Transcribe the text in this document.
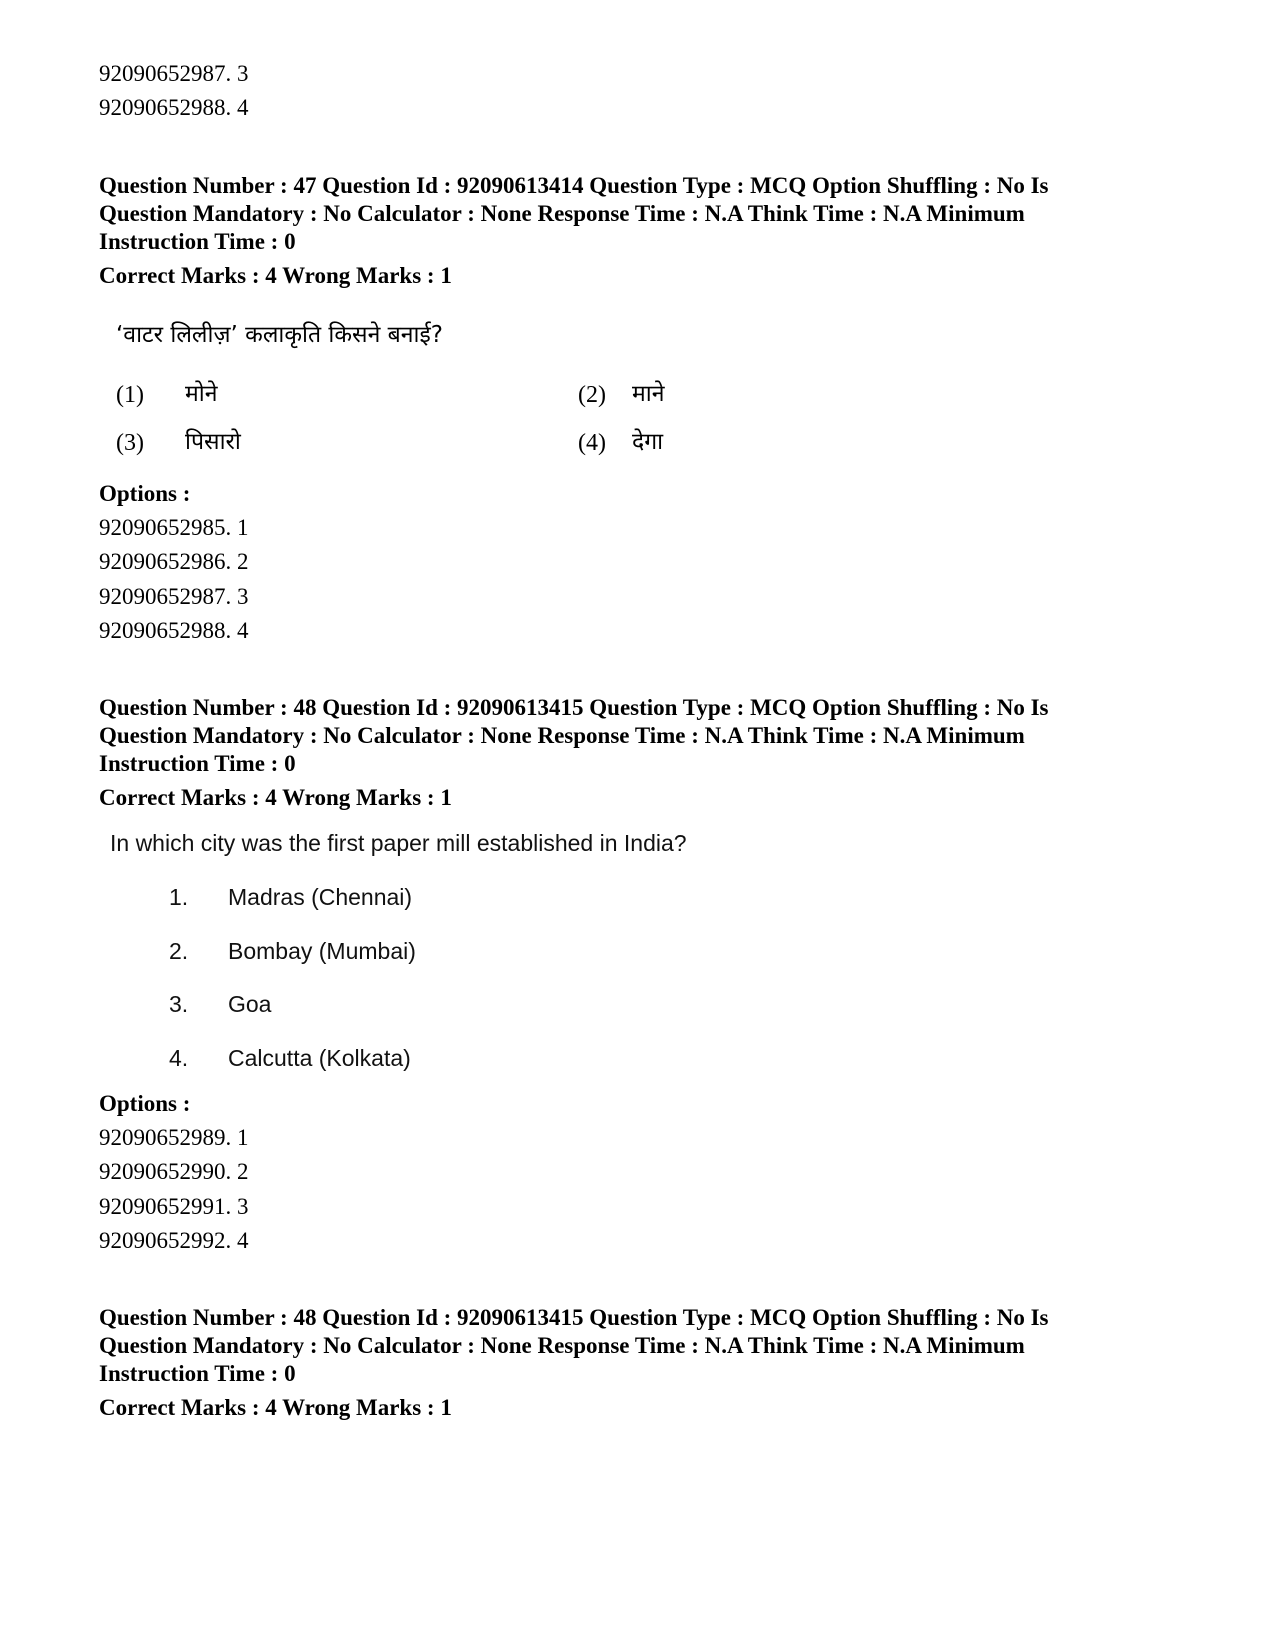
92090652987. 3
92090652988. 4
Question Number : 47 Question Id : 92090613414 Question Type : MCQ Option Shuffling : No Is
Question Mandatory : No Calculator : None Response Time : N.A Think Time : N.A Minimum
Instruction Time : 0
Correct Marks : 4 Wrong Marks : 1
‘वाटर लिलीज़’ कलाकृति किसने बनाई?
(1) मोने	(2) माने
(3) पिसारो	(4) देगा
Options :
92090652985. 1
92090652986. 2
92090652987. 3
92090652988. 4
Question Number : 48 Question Id : 92090613415 Question Type : MCQ Option Shuffling : No Is
Question Mandatory : No Calculator : None Response Time : N.A Think Time : N.A Minimum
Instruction Time : 0
Correct Marks : 4 Wrong Marks : 1
In which city was the first paper mill established in India?
1. Madras (Chennai)
2. Bombay (Mumbai)
3. Goa
4. Calcutta (Kolkata)
Options :
92090652989. 1
92090652990. 2
92090652991. 3
92090652992. 4
Question Number : 48 Question Id : 92090613415 Question Type : MCQ Option Shuffling : No Is
Question Mandatory : No Calculator : None Response Time : N.A Think Time : N.A Minimum
Instruction Time : 0
Correct Marks : 4 Wrong Marks : 1
